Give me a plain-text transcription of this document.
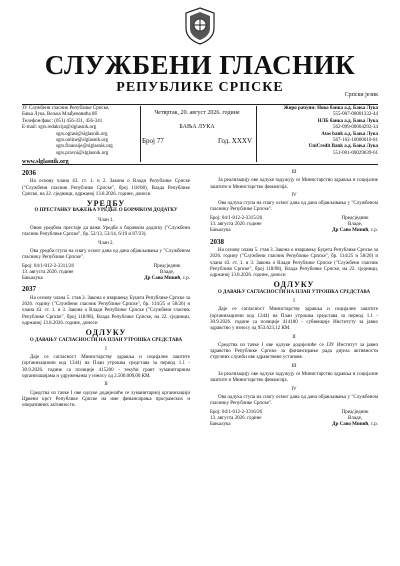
СЛУЖБЕНИ ГЛАСНИК
РЕПУБЛИКЕ СРПСКЕ	Српски језик
ЈУ Службени гласник Републике Српске,
Бања Лука, Вељка Млађеновића 8б
Телефон/факс: (051) 456-331, 456-341
E-mail: sgrs.redakcija@slglasnik.org
sgrs.oglasi@slglasnik.org
sgrs.online@slglasnik.org
sgrs.finansije@slglasnik.org
sgrs.pravni@slglasnik.org
www.slglasnik.org
Четвртак, 20. август 2026. године
БАЊА ЛУКА
Број 77	Год. XXXV
Жиро рачуни: Нова банка а.д. Бања Лука
555-007-00001332-44
НЛБ банка а.д. Бања Лука
562-099-00004292-34
Atos bank а.д. Бања Лука
567-162-10000010-81
UniCredit Bank а.д. Бања Лука
551-001-00029639-61
2036

На основу члана 43. ст. 1. и 2. Закона о Влади Републике Српске ("Службени гласник Републике Српске", број 118/08), Влада Републике Српске, на 22. сједници, одржаној 13.8.2026. године, доноси

УРЕДБУ
О ПРЕСТАНКУ ВАЖЕЊА УРЕДБЕ О БОРАЧКОМ ДОДАТКУ
Члан 1.

Овом уредбом престаје да важи Уредба о борачком додатку ("Службени гласник Републике Српске", бр. 52/13, 53/14, 6/19 и 87/23).

Члан 2.

Ова уредба ступа на снагу осмог дана од дана објављивања у "Службеном гласнику Републике Српске".

Број: 04/1-012-2-3311/26
13. августа 2026. године
Бањалука
Предсједник
Владе,
Др Саво Минић, с.р.
2037

На основу члана 5. став 3. Закона о извршењу Буџета Републике Српске за 2026. годину ("Службени гласник Републике Српске", бр. 114/25 и 58/26) и члана 43. ст. 1. и 3. Закона о Влади Републике Српске ("Службени гласник Републике Српске", број 118/08), Влада Републике Српске, на 22. сједници, одржаној 13.8.2026. године, доноси

ОДЛУКУ
О ДАВАЊУ САГЛАСНОСТИ НА ПЛАН УТРОШКА СРЕДСТАВА
I

Даје се сагласност Министарству здравља и социјалне заштите (организациони код 1344) на План утрошка средстава за период 1.1 - 30.9.2026. године са позиције 415200 - текући грант хуманитарним организацијама и удружењима у износу од 2.500.000,00 КМ.

II

Средства из тачке I ове одлуке додијелиће се хуманитарној организацији Црвени крст Републике Српске на име финансирања програмских и оперативних активности.

III

За реализацију ове одлуке задужују се Министарство здравља и социјалне заштите и Министарство финансија.

IV

Ова одлука ступа на снагу осмог дана од дана објављивања у "Службеном гласнику Републике Српске".

Број: 04/1-012-2-3315/26
13. августа 2026. године
Бањалука
Предсједник
Владе,
Др Саво Минић, с.р.
2038

На основу члана 5. став 3. Закона о извршењу Буџета Републике Српске за 2026. годину ("Службени гласник Републике Српске", бр. 114/25 и 58/26) и члана 43. ст. 1. и 3. Закона о Влади Републике Српске ("Службени гласник Републике Српске", број 118/08), Влада Републике Српске, на 22. сједници, одржаној 13.8.2026. године, доноси

ОДЛУКУ
О ДАВАЊУ САГЛАСНОСТИ НА ПЛАН УТРОШКА СРЕДСТАВА
I

Даје се сагласност Министарству здравља и социјалне заштите (организациони код 1344) на План утрошка средстава за период 1.1 - 30.9.2026. године са позиције 414100 - субвенције Институту за јавно здравство у износу од 953.623,12 КМ.

II

Средства из тачке I ове одлуке додијелиће се ЈЗУ Институт за јавно здравство Републике Српске за финансирање рада дијела активности стручних служби ове здравствене установе.

III

За реализацију ове одлуке задужују се Министарство здравља и социјалне заштите и Министарство финансија.

IV

Ова одлука ступа на снагу осмог дана од дана објављивања у "Службеном гласнику Републике Српске".

Број: 04/1-012-2-3316/26
13. августа 2026. године
Бањалука
Предсједник
Владе,
Др Саво Минић, с.р.
